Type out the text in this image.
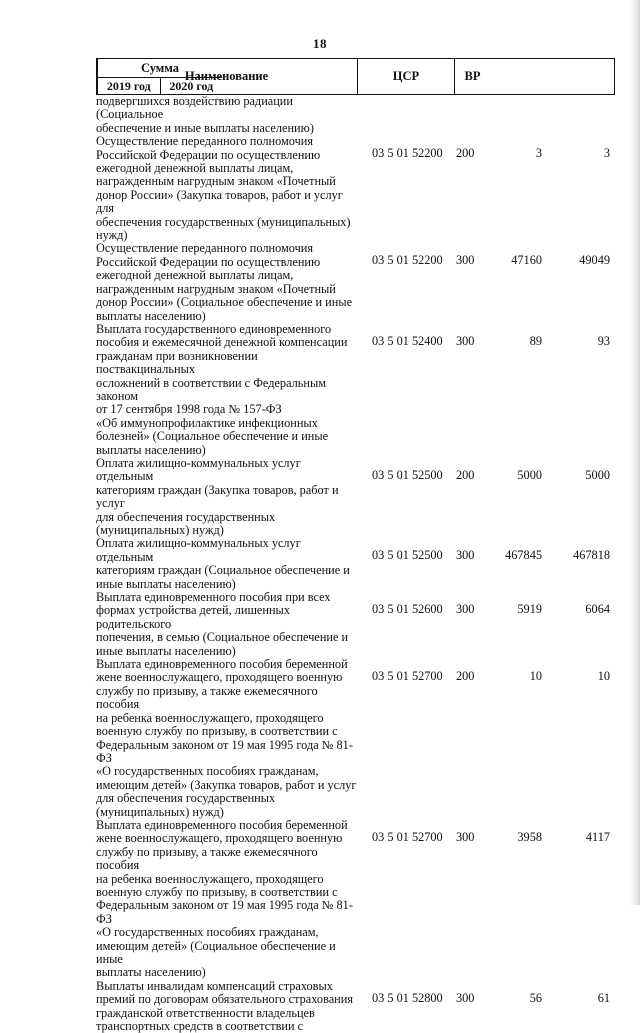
18
Наименование	ЦСР	ВР
Сумма
2019 год	2020 год
подвергшихся воздействию радиации (Социальное
обеспечение и иные выплаты населению)
Осуществление переданного полномочия
Российской Федерации по осуществлению
ежегодной денежной выплаты лицам,
награжденным нагрудным знаком «Почетный
донор России» (Закупка товаров, работ и услуг для
обеспечения государственных (муниципальных)
нужд)
03 5 01 52200 200	3	3
Осуществление переданного полномочия
Российской Федерации по осуществлению
ежегодной денежной выплаты лицам,
награжденным нагрудным знаком «Почетный
донор России» (Социальное обеспечение и иные
выплаты населению)
03 5 01 52200 300	47160	49049
Выплата государственного единовременного
пособия и ежемесячной денежной компенсации
гражданам при возникновении поствакцинальных
осложнений в соответствии с Федеральным законом
от 17 сентября 1998 года № 157-ФЗ
«Об иммунопрофилактике инфекционных
болезней» (Социальное обеспечение и иные
выплаты населению)
03 5 01 52400 300	89	93
Оплата жилищно-коммунальных услуг отдельным
категориям граждан (Закупка товаров, работ и услуг
для обеспечения государственных
(муниципальных) нужд)
03 5 01 52500 200	5000	5000
Оплата жилищно-коммунальных услуг отдельным
категориям граждан (Социальное обеспечение и
иные выплаты населению)
03 5 01 52500 300 467845	467818
Выплата единовременного пособия при всех
формах устройства детей, лишенных родительского
попечения, в семью (Социальное обеспечение и
иные выплаты населению)
03 5 01 52600 300	5919	6064
Выплата единовременного пособия беременной
жене военнослужащего, проходящего военную
службу по призыву, а также ежемесячного пособия
на ребенка военнослужащего, проходящего
военную службу по призыву, в соответствии с
Федеральным законом от 19 мая 1995 года № 81-ФЗ
«О государственных пособиях гражданам,
имеющим детей» (Закупка товаров, работ и услуг
для обеспечения государственных
(муниципальных) нужд)
03 5 01 52700 200	10	10
Выплата единовременного пособия беременной
жене военнослужащего, проходящего военную
службу по призыву, а также ежемесячного пособия
на ребенка военнослужащего, проходящего
военную службу по призыву, в соответствии с
Федеральным законом от 19 мая 1995 года № 81-ФЗ
«О государственных пособиях гражданам,
имеющим детей» (Социальное обеспечение и иные
выплаты населению)
03 5 01 52700 300	3958	4117
Выплаты инвалидам компенсаций страховых
премий по договорам обязательного страхования
гражданской ответственности владельцев
транспортных средств в соответствии с
03 5 01 52800 300	56	61
